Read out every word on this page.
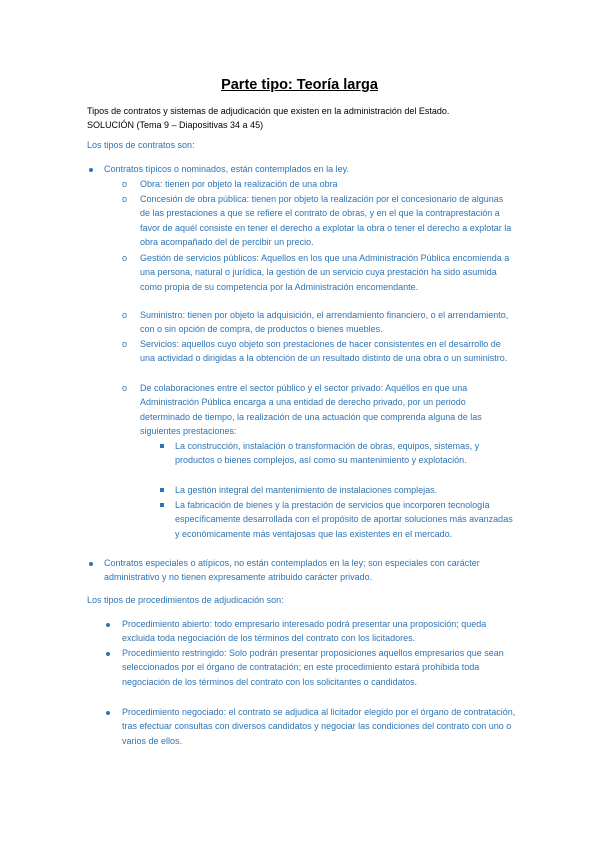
Parte tipo: Teoría larga
Tipos de contratos y sistemas de adjudicación que existen en la administración del Estado.
SOLUCIÓN (Tema 9 – Diapositivas 34 a 45)
Los tipos de contratos son:
Contratos típicos o nominados, están contemplados en la ley.
o Obra: tienen por objeto la realización de una obra
o Concesión de obra pública: tienen por objeto la realización por el concesionario de algunas de las prestaciones a que se refiere el contrato de obras, y en el que la contraprestación a favor de aquél consiste en tener el derecho a explotar la obra o tener el derecho a explotar la obra acompañado del de percibir un precio.
o Gestión de servicios públicos: Aquellos en los que una Administración Pública encomienda a una persona, natural o jurídica, la gestión de un servicio cuya prestación ha sido asumida como propia de su competencia por la Administración encomendante.
o Suministro: tienen por objeto la adquisición, el arrendamiento financiero, o el arrendamiento, con o sin opción de compra, de productos o bienes muebles.
o Servicios: aquellos cuyo objeto son prestaciones de hacer consistentes en el desarrollo de una actividad o dirigidas a la obtención de un resultado distinto de una obra o un suministro.
o De colaboraciones entre el sector público y el sector privado: Aquéllos en que una Administración Pública encarga a una entidad de derecho privado, por un periodo determinado de tiempo, la realización de una actuación que comprenda alguna de las siguientes prestaciones:
La construcción, instalación o transformación de obras, equipos, sistemas, y productos o bienes complejos, así como su mantenimiento y explotación.
La gestión integral del mantenimiento de instalaciones complejas.
La fabricación de bienes y la prestación de servicios que incorporen tecnología específicamente desarrollada con el propósito de aportar soluciones más avanzadas y económicamente más ventajosas que las existentes en el mercado.
Contratos especiales o atípicos, no están contemplados en la ley; son especiales con carácter administrativo y no tienen expresamente atribuido carácter privado.
Los tipos de procedimientos de adjudicación son:
Procedimiento abierto: todo empresario interesado podrá presentar una proposición; queda excluida toda negociación de los términos del contrato con los licitadores.
Procedimiento restringido: Solo podrán presentar proposiciones aquellos empresarios que sean seleccionados por el órgano de contratación; en este procedimiento estará prohibida toda negociación de los términos del contrato con los solicitantes o candidatos.
Procedimiento negociado: el contrato se adjudica al licitador elegido por el órgano de contratación, tras efectuar consultas con diversos candidatos y negociar las condiciones del contrato con uno o varios de ellos.
